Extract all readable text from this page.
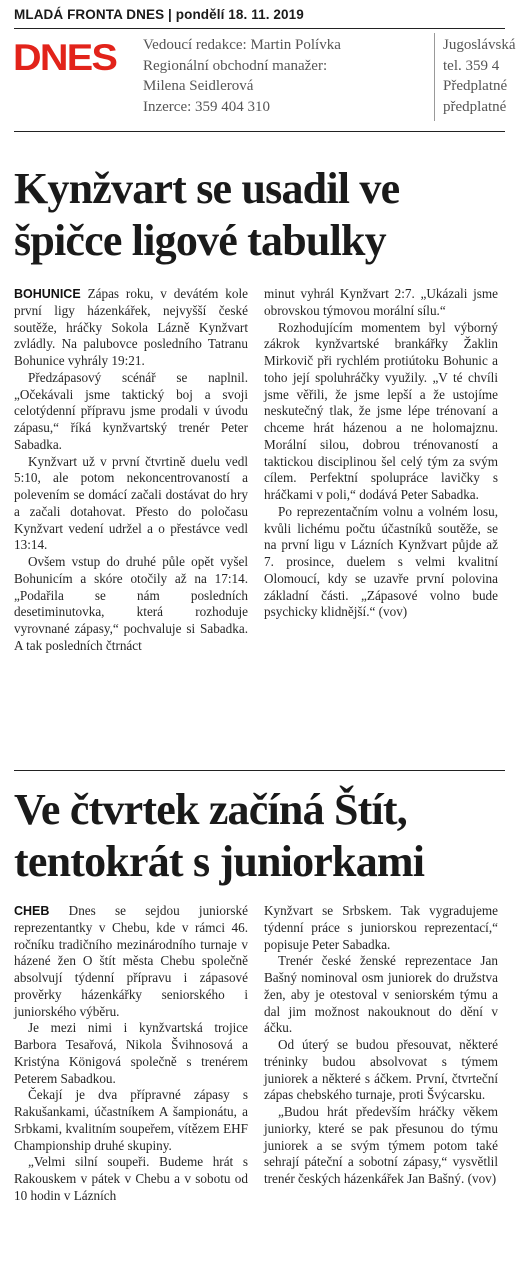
MLADÁ FRONTA DNES | pondělí 18. 11. 2019
DNES Vedoucí redakce: Martin Polívka
Regionální obchodní manažer:
Milena Seidlerová
Inzerce: 359 404 310
Jugoslávská
tel. 359 4
Předplatné
předplatné
Kynžvart se usadil ve špičce ligové tabulky

BOHUNICE Zápas roku, v devátém kole první ligy házenkářek, nejvyšší české soutěže, hráčky Sokola Lázně Kynžvart zvládly. Na palubovce posledního Tatranu Bohunice vyhrály 19:21.

Předzápasový scénář se naplnil. „Očekávali jsme taktický boj a svoji celotýdenní přípravu jsme prodali v úvodu zápasu,“ říká kynžvartský trenér Peter Sabadka.

Kynžvart už v první čtvrtině duelu vedl 5:10, ale potom nekoncentrovaností a polevením se domácí začali dostávat do hry a začali dotahovat. Přesto do poločasu Kynžvart vedení udržel a o přestávce vedl 13:14.

Ovšem vstup do druhé půle opět vyšel Bohunicím a skóre otočily až na 17:14. „Podařila se nám posledních desetiminutovka, která rozhoduje vyrovnané zápasy,“ pochvaluje si Sabadka. A tak posledních čtrnáct

minut vyhrál Kynžvart 2:7. „Ukázali jsme obrovskou týmovou morální sílu.“

Rozhodujícím momentem byl výborný zákrok kynžvartské brankářky Žaklin Mirkovič při rychlém protiútoku Bohunic a toho její spoluhráčky využily. „V té chvíli jsme věřili, že jsme lepší a že ustojíme neskutečný tlak, že jsme lépe trénovaní a chceme hrát házenou a ne holomajznu. Morální silou, dobrou trénovaností a taktickou disciplinou šel celý tým za svým cílem. Perfektní spolupráce lavičky s hráčkami v poli,“ dodává Peter Sabadka.

Po reprezentačním volnu a volném losu, kvůli lichému počtu účastníků soutěže, se na první ligu v Lázních Kynžvart půjde až 7. prosince, duelem s velmi kvalitní Olomoucí, kdy se uzavře první polovina základní části. „Zápasové volno bude psychicky klidnější.“ (vov)

Ve čtvrtek začíná Štít, tentokrát s juniorkami

CHEB Dnes se sejdou juniorské reprezentantky v Chebu, kde v rámci 46. ročníku tradičního mezinárodního turnaje v házené žen O štít města Chebu společně absolvují týdenní přípravu i zápasové prověrky házenkářky seniorského i juniorského výběru.

Je mezi nimi i kynžvartská trojice Barbora Tesařová, Nikola Švihnosová a Kristýna Königová společně s trenérem Peterem Sabadkou.

Čekají je dva přípravné zápasy s Rakušankami, účastníkem A šampionátu, a Srbkami, kvalitním soupeřem, vítězem EHF Championship druhé skupiny.

„Velmi silní soupeři. Budeme hrát s Rakouskem v pátek v Chebu a v sobotu od 10 hodin v Lázních

Kynžvart se Srbskem. Tak vygradujeme týdenní práce s juniorskou reprezentací,“ popisuje Peter Sabadka.

Trenér české ženské reprezentace Jan Bašný nominoval osm juniorek do družstva žen, aby je otestoval v seniorském týmu a dal jim možnost nakouknout do dění v áčku.

Od úterý se budou přesouvat, některé tréninky budou absolvovat s týmem juniorek a některé s áčkem. První, čtvrteční zápas chebského turnaje, proti Švýcarsku.

„Budou hrát především hráčky věkem juniorky, které se pak přesunou do týmu juniorek a se svým týmem potom také sehrají páteční a sobotní zápasy,“ vysvětlil trenér českých házenkářek Jan Bašný. (vov)
